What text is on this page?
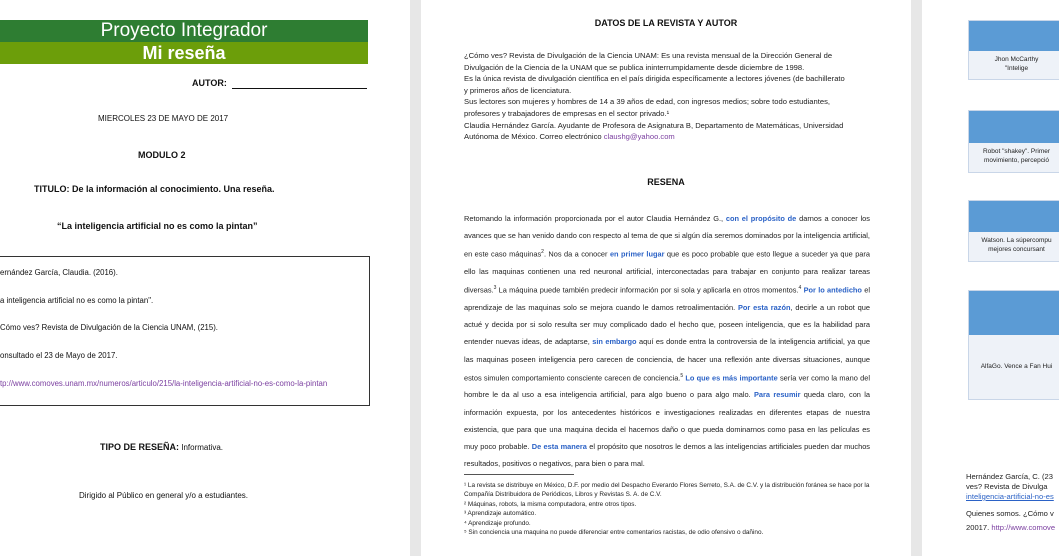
Proyecto Integrador
Mi reseña
AUTOR:
MIERCOLES 23 DE MAYO DE 2017
MODULO 2
TITULO: De la información al conocimiento. Una reseña.
“La inteligencia artificial no es como la pintan”
ernández García, Claudia. (2016).
a inteligencia artificial no es como la pintan".
Cómo ves? Revista de Divulgación de la Ciencia UNAM, (215).
onsultado el 23 de Mayo de 2017.
tp://www.comoves.unam.mx/numeros/articulo/215/la-inteligencia-artificial-no-es-como-la-pintan
TIPO DE RESEÑA: Informativa.
Dirigido al Público en general y/o a estudiantes.
DATOS DE LA REVISTA Y AUTOR
¿Cómo ves? Revista de Divulgación de la Ciencia UNAM: Es una revista mensual de la Dirección General de
Divulgación de la Ciencia de la UNAM que se publica ininterrumpidamente desde diciembre de 1998.
Es la única revista de divulgación científica en el país dirigida específicamente a lectores jóvenes (de bachillerato
y primeros años de licenciatura.
Sus lectores son mujeres y hombres de 14 a 39 años de edad, con ingresos medios; sobre todo estudiantes,
profesores y trabajadores de empresas en el sector privado.¹
Claudia Hernández García. Ayudante de Profesora de Asignatura B, Departamento de Matemáticas, Universidad
Autónoma de México. Correo electrónico claushg@yahoo.com
RESENA
Retomando la información proporcionada por el autor Claudia Hernández G., con el propósito de darnos a conocer los avances que se han venido dando con respecto al tema de que si algún día seremos dominados por la inteligencia artificial, en este caso máquinas$^2$. Nos da a conocer en primer lugar que es poco probable que esto llegue a suceder ya que para ello las maquinas contienen una red neuronal artificial, interconectadas para trabajar en conjunto para realizar tareas diversas.$^3$ La máquina puede también predecir información por si sola y aplicarla en otros momentos.$^4$ Por lo antedicho el aprendizaje de las maquinas solo se mejora cuando le damos retroalimentación. Por esta razón, decirle a un robot que actué y decida por si solo resulta ser muy complicado dado el hecho que, poseen inteligencia, que es la habilidad para entender nuevas ideas, de adaptarse, sin embargo aquí es donde entra la controversia de la inteligencia artificial, ya que las maquinas poseen inteligencia pero carecen de conciencia, de hacer una reflexión ante diversas situaciones, aunque estos simulen comportamiento consciente carecen de conciencia.$^5$ Lo que es más importante sería ver como la mano del hombre le da al uso a esa inteligencia artificial, para algo bueno o para algo malo. Para resumir queda claro, con la información expuesta, por los antecedentes históricos e investigaciones realizadas en diferentes etapas de nuestra existencia, que para que una maquina decida el hacernos daño o que pueda dominarnos como pasa en las películas es muy poco probable. De esta manera el propósito que nosotros le demos a las inteligencias artificiales pueden dar muchos resultados, positivos o negativos, para bien o para mal.
¹ La revista se distribuye en México, D.F. por medio del Despacho Everardo Flores Serreto, S.A. de C.V. y la distribución foránea se hace por la Compañía Distribuidora de Periódicos, Libros y Revistas S. A. de C.V.
² Máquinas, robots, la misma computadora, entre otros tipos.
³ Aprendizaje automático.
⁴ Aprendizaje profundo.
⁵ Sin conciencia una maquina no puede diferenciar entre comentarios racistas, de odio ofensivo o dañino.
Jhon McCarthy
"Intelige
Robot "shakey". Primer
movimiento, percepció
Watson. La súpercompu
mejores concursant
AlfaGo. Vence a Fan Hui
Hernández García, C. (23
ves? Revista de Divulga
inteligencia-artificial-no-es
Quienes somos. ¿Cómo v
20017. http://www.comove
